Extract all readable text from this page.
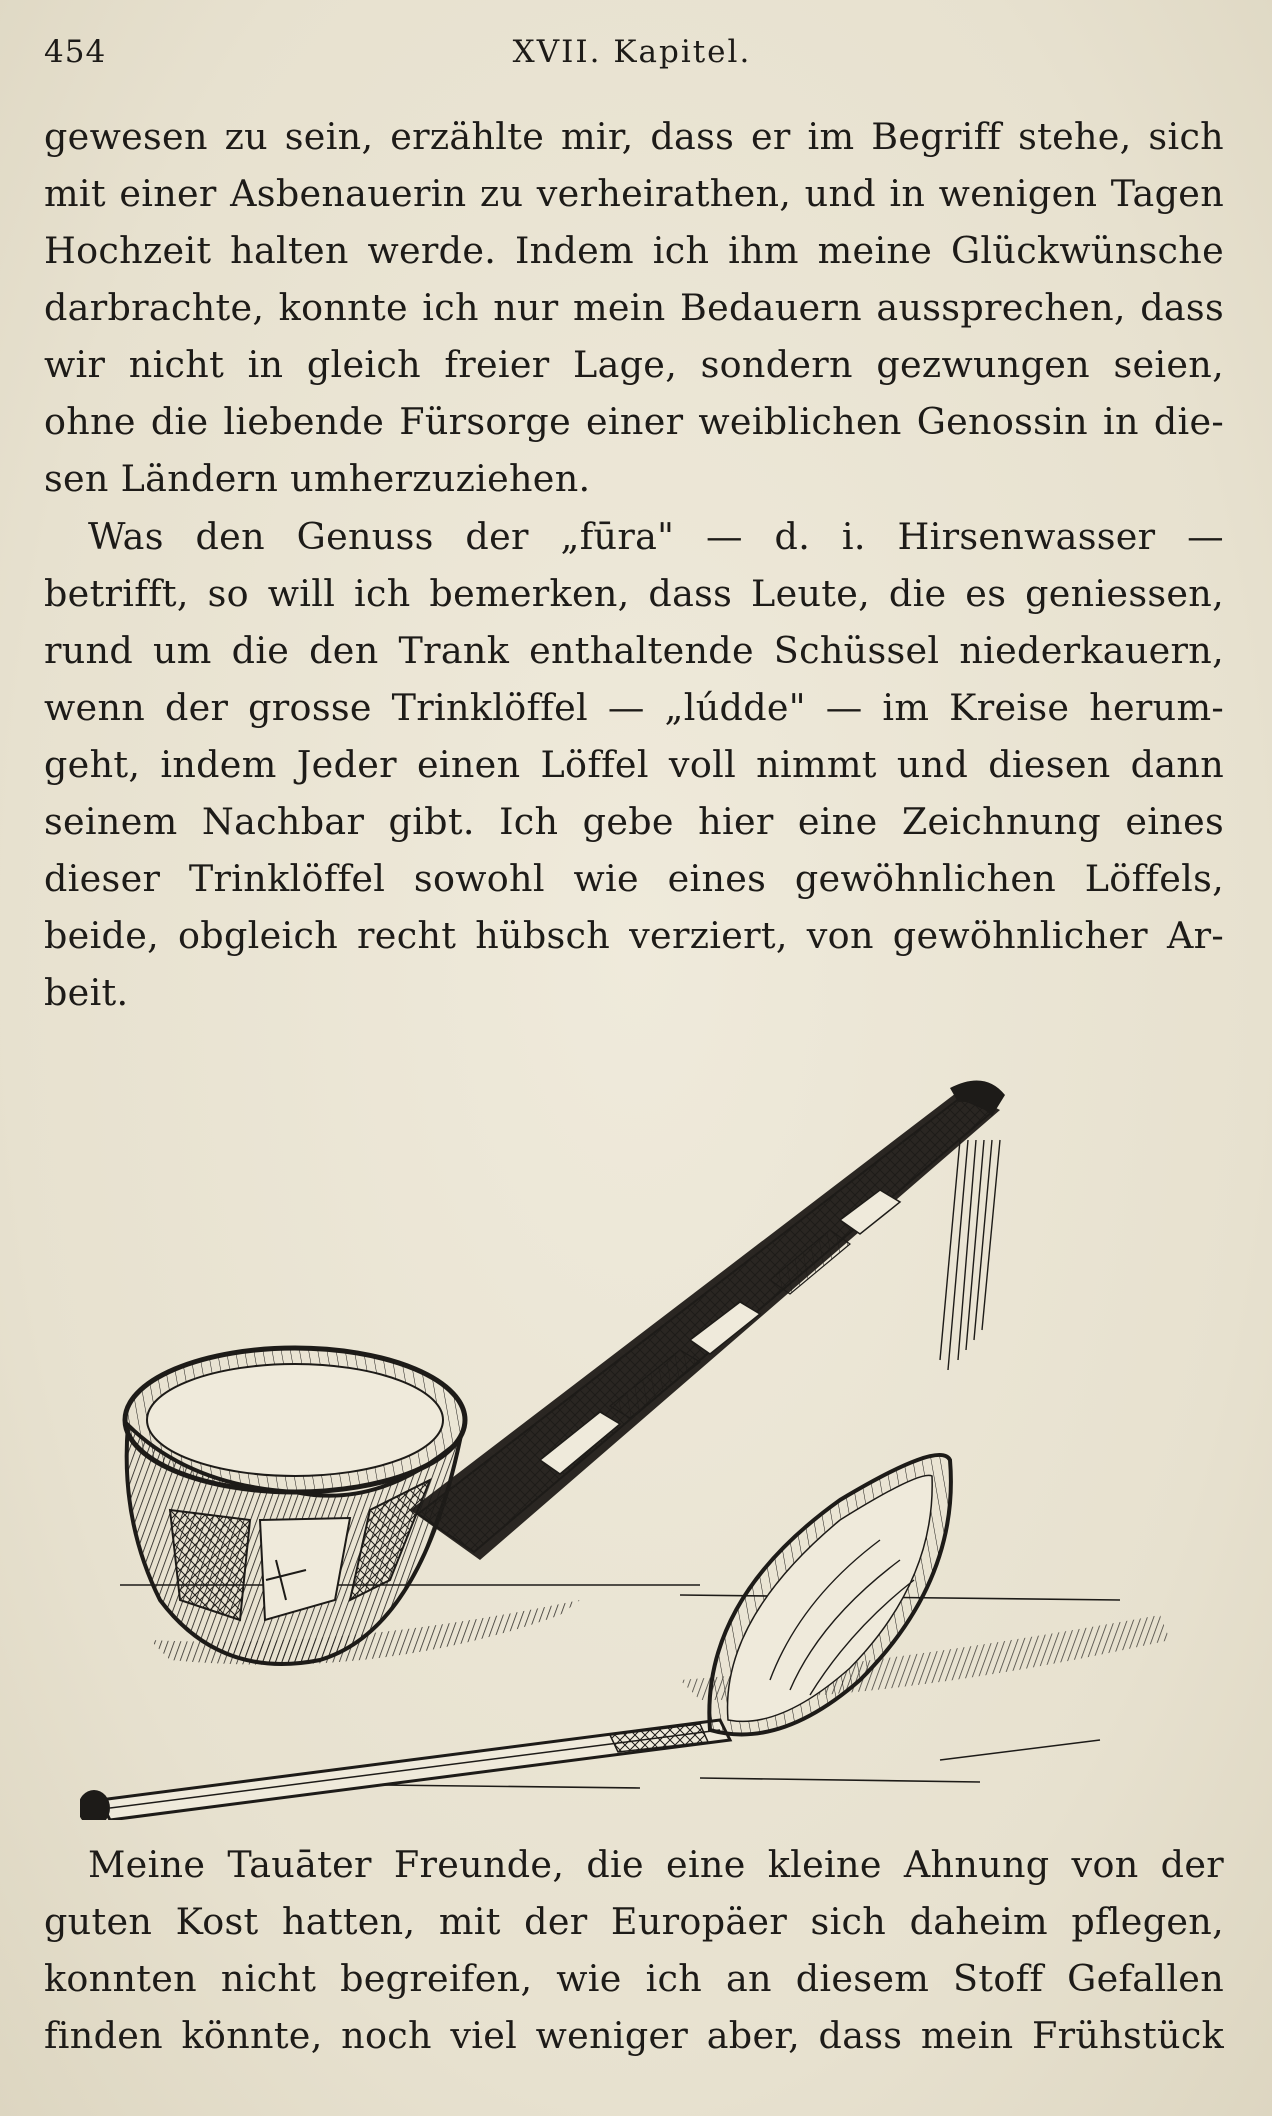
454	XVII. Kapitel.

gewesen zu sein, erzählte mir, dass er im Begriff stehe, sich
mit einer Asbenauerin zu verheirathen, und in wenigen Tagen
Hochzeit halten werde. Indem ich ihm meine Glückwünsche
darbrachte, konnte ich nur mein Bedauern aussprechen, dass
wir nicht in gleich freier Lage, sondern gezwungen seien,
ohne die liebende Fürsorge einer weiblichen Genossin in die-
sen Ländern umherzuziehen.

Was den Genuss der „fūra" — d. i. Hirsenwasser —
betrifft, so will ich bemerken, dass Leute, die es geniessen,
rund um die den Trank enthaltende Schüssel niederkauern,
wenn der grosse Trinklöffel — „lúdde" — im Kreise herum-
geht, indem Jeder einen Löffel voll nimmt und diesen dann
seinem Nachbar gibt. Ich gebe hier eine Zeichnung eines
dieser Trinklöffel sowohl wie eines gewöhnlichen Löffels,
beide, obgleich recht hübsch verziert, von gewöhnlicher Ar-
beit.

Meine Tauāter Freunde, die eine kleine Ahnung von der
guten Kost hatten, mit der Europäer sich daheim pflegen,
konnten nicht begreifen, wie ich an diesem Stoff Gefallen
finden könnte, noch viel weniger aber, dass mein Frühstück
